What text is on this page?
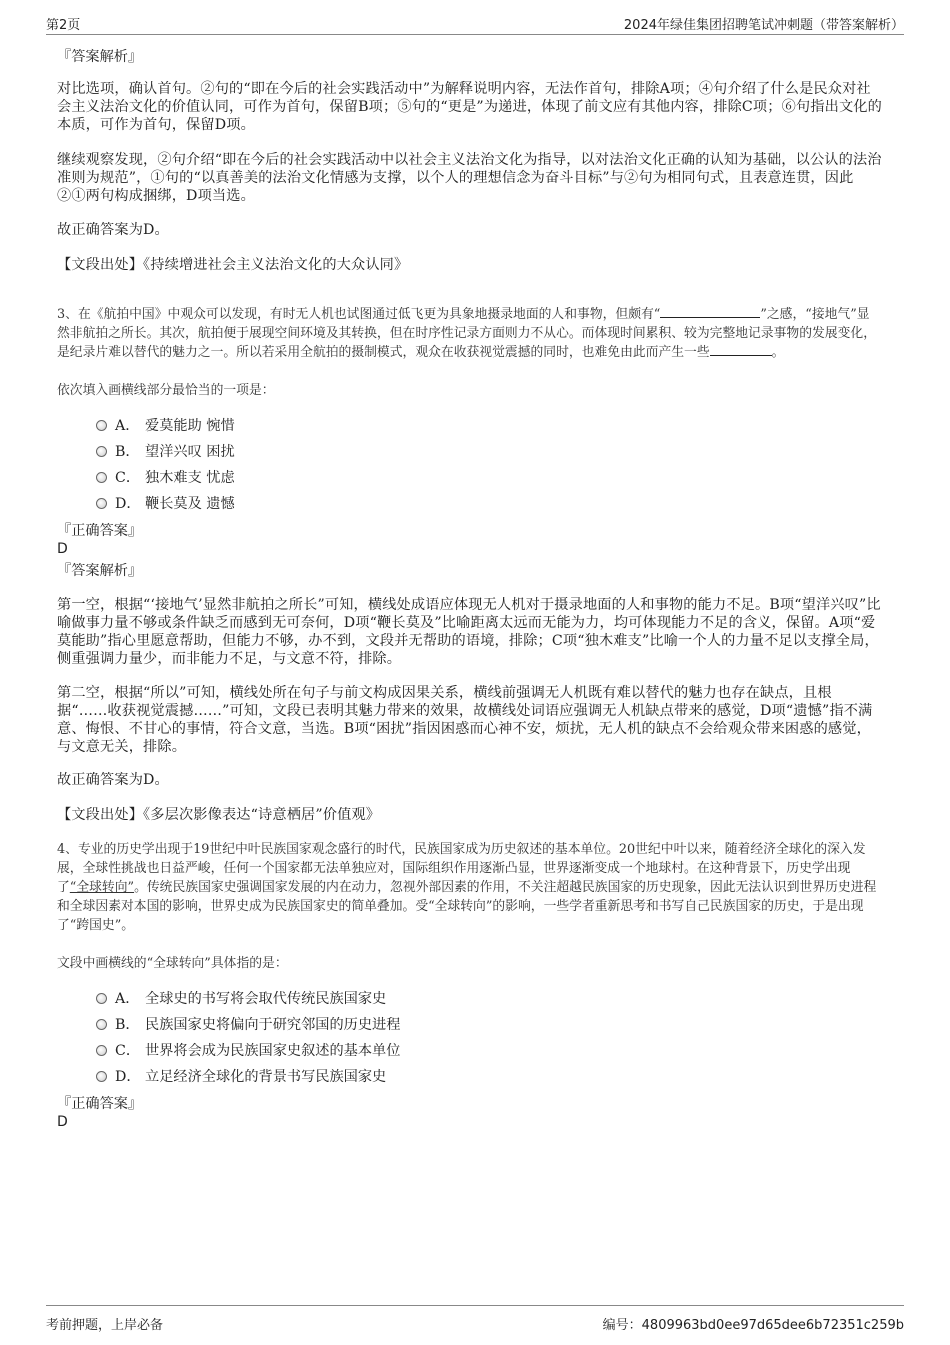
第2页	2024年绿佳集团招聘笔试冲刺题（带答案解析）
『答案解析』
对比选项，确认首句。②句的“即在今后的社会实践活动中”为解释说明内容，无法作首句，排除A项；④句介绍了什么是民众对社会主义法治文化的价值认同，可作为首句，保留B项；⑤句的“更是”为递进，体现了前文应有其他内容，排除C项；⑥句指出文化的本质，可作为首句，保留D项。
继续观察发现，②句介绍“即在今后的社会实践活动中以社会主义法治文化为指导，以对法治文化正确的认知为基础，以公认的法治准则为规范”，①句的“以真善美的法治文化情感为支撑，以个人的理想信念为奋斗目标”与②句为相同句式，且表意连贯，因此②①两句构成捆绑，D项当选。
故正确答案为D。
【文段出处】《持续增进社会主义法治文化的大众认同》
3、在《航拍中国》中观众可以发现，有时无人机也试图通过低飞更为具象地摄录地面的人和事物，但颇有“	”之感，“接地气”显然非航拍之所长。其次，航拍便于展现空间环境及其转换，但在时序性记录方面则力不从心。而体现时间累积、较为完整地记录事物的发展变化，是纪录片难以替代的魅力之一。所以若采用全航拍的摄制模式，观众在收获视觉震撼的同时，也难免由此而产生一些	。
依次填入画横线部分最恰当的一项是：
A． 爱莫能助 惋惜
B． 望洋兴叹 困扰
C． 独木难支 忧虑
D． 鞭长莫及 遗憾
『正确答案』
D
『答案解析』
第一空，根据“‘接地气’显然非航拍之所长”可知，横线处成语应体现无人机对于摄录地面的人和事物的能力不足。B项“望洋兴叹”比喻做事力量不够或条件缺乏而感到无可奈何，D项“鞭长莫及”比喻距离太远而无能为力，均可体现能力不足的含义，保留。A项“爱莫能助”指心里愿意帮助，但能力不够，办不到，文段并无帮助的语境，排除；C项“独木难支”比喻一个人的力量不足以支撑全局，侧重强调力量少，而非能力不足，与文意不符，排除。
第二空，根据“所以”可知，横线处所在句子与前文构成因果关系，横线前强调无人机既有难以替代的魅力也存在缺点，且根据“……收获视觉震撼……”可知，文段已表明其魅力带来的效果，故横线处词语应强调无人机缺点带来的感觉，D项“遗憾”指不满意、悔恨、不甘心的事情，符合文意，当选。B项“困扰”指因困惑而心神不安，烦扰，无人机的缺点不会给观众带来困惑的感觉，与文意无关，排除。
故正确答案为D。
【文段出处】《多层次影像表达“诗意栖居”价值观》
4、专业的历史学出现于19世纪中叶民族国家观念盛行的时代，民族国家成为历史叙述的基本单位。20世纪中叶以来，随着经济全球化的深入发展，全球性挑战也日益严峻，任何一个国家都无法单独应对，国际组织作用逐渐凸显，世界逐渐变成一个地球村。在这种背景下，历史学出现了“全球转向”。传统民族国家史强调国家发展的内在动力，忽视外部因素的作用，不关注超越民族国家的历史现象，因此无法认识到世界历史进程和全球因素对本国的影响，世界史成为民族国家史的简单叠加。受“全球转向”的影响，一些学者重新思考和书写自己民族国家的历史，于是出现了“跨国史”。
文段中画横线的“全球转向”具体指的是：
A． 全球史的书写将会取代传统民族国家史
B． 民族国家史将偏向于研究邻国的历史进程
C． 世界将会成为民族国家史叙述的基本单位
D． 立足经济全球化的背景书写民族国家史
『正确答案』
D
考前押题，上岸必备	编号：4809963bd0ee97d65dee6b72351c259b
